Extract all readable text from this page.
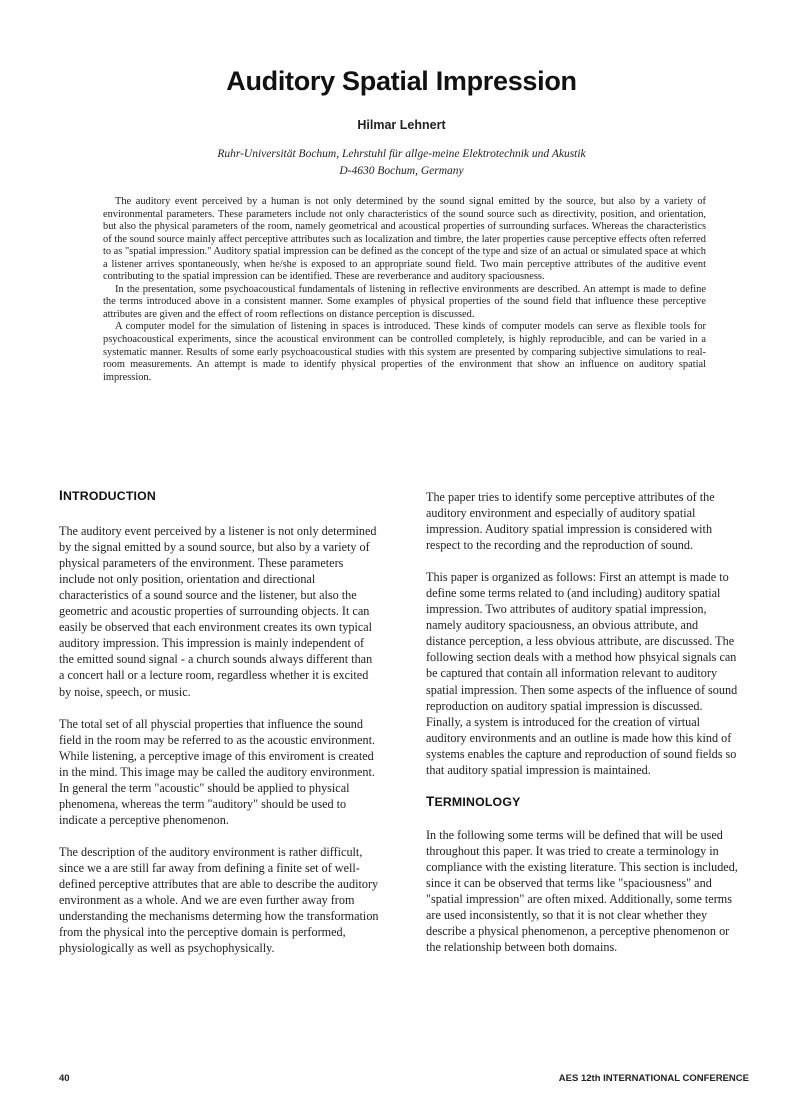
Auditory Spatial Impression
Hilmar Lehnert
Ruhr-Universität Bochum, Lehrstuhl für allge-meine Elektrotechnik und Akustik
D-4630 Bochum, Germany

The auditory event perceived by a human is not only determined by the sound signal emitted by the source, but also by a variety of environmental parameters. These parameters include not only characteristics of the sound source such as directivity, position, and orientation, but also the physical parameters of the room, namely geometrical and acoustical properties of surrounding surfaces. Whereas the characteristics of the sound source mainly affect perceptive attributes such as localization and timbre, the later properties cause perceptive effects often referred to as "spatial impression." Auditory spatial impression can be defined as the concept of the type and size of an actual or simulated space at which a listener arrives spontaneously, when he/she is exposed to an appropriate sound field. Two main perceptive attributes of the auditive event contributing to the spatial impression can be identified. These are reverberance and auditory spaciousness.

In the presentation, some psychoacoustical fundamentals of listening in reflective environments are described. An attempt is made to define the terms introduced above in a consistent manner. Some examples of physical properties of the sound field that influence these perceptive attributes are given and the effect of room reflections on distance perception is discussed.

A computer model for the simulation of listening in spaces is introduced. These kinds of computer models can serve as flexible tools for psychoacoustical experiments, since the acoustical environment can be controlled completely, is highly reproducible, and can be varied in a systematic manner. Results of some early psychoacoustical studies with this system are presented by comparing subjective simulations to real-room measurements. An attempt is made to identify physical properties of the environment that show an influence on auditory spatial impression.

INTRODUCTION

The auditory event perceived by a listener is not only determined by the signal emitted by a sound source, but also by a variety of physical parameters of the environment. These parameters include not only position, orientation and directional characteristics of a sound source and the listener, but also the geometric and acoustic properties of surrounding objects. It can easily be observed that each environment creates its own typical auditory impression. This impression is mainly independent of the emitted sound signal - a church sounds always different than a concert hall or a lecture room, regardless whether it is excited by noise, speech, or music.

The total set of all physcial properties that influence the sound field in the room may be referred to as the acoustic environment. While listening, a perceptive image of this enviroment is created in the mind. This image may be called the auditory environment. In general the term "acoustic" should be applied to physical phenomena, whereas the term "auditory" should be used to indicate a perceptive phenomenon.

The description of the auditory environment is rather difficult, since we a are still far away from defining a finite set of well-defined perceptive attributes that are able to describe the auditory environment as a whole. And we are even further away from understanding the mechanisms determing how the transformation from the physical into the perceptive domain is performed, physiologically as well as psychophysically.

The paper tries to identify some perceptive attributes of the auditory environment and especially of auditory spatial impression. Auditory spatial impression is considered with respect to the recording and the reproduction of sound.

This paper is organized as follows: First an attempt is made to define some terms related to (and including) auditory spatial impression. Two attributes of auditory spatial impression, namely auditory spaciousness, an obvious attribute, and distance perception, a less obvious attribute, are discussed. The following section deals with a method how phsyical signals can be captured that contain all information relevant to auditory spatial impression. Then some aspects of the influence of sound reproduction on auditory spatial impression is discussed. Finally, a system is introduced for the creation of virtual auditory environments and an outline is made how this kind of systems enables the capture and reproduction of sound fields so that auditory spatial impression is maintained.

TERMINOLOGY

In the following some terms will be defined that will be used throughout this paper. It was tried to create a terminology in compliance with the existing literature. This section is included, since it can be observed that terms like "spaciousness" and "spatial impression" are often mixed. Additionally, some terms are used inconsistently, so that it is not clear whether they describe a physical phenomenon, a perceptive phenomenon or the relationship between both domains.

40	AES 12th INTERNATIONAL CONFERENCE
